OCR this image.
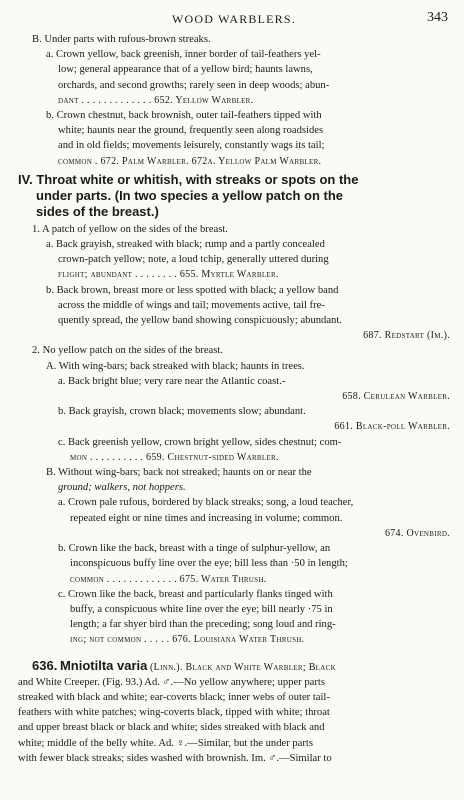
WOOD WARBLERS.	343
B. Under parts with rufous-brown streaks.
a. Crown yellow, back greenish, inner border of tail-feathers yel-
low; general appearance that of a yellow bird; haunts lawns,
orchards, and second growths; rarely seen in deep woods; abun-
dant . . . . . . . . . . . . . 652. Yellow Warbler.
b. Crown chestnut, back brownish, outer tail-feathers tipped with
white; haunts near the ground, frequently seen along roadsides
and in old fields; movements leisurely, constantly wags its tail;
common . 672. Palm Warbler. 672a. Yellow Palm Warbler.
IV. Throat white or whitish, with streaks or spots on the
under parts. (In two species a yellow patch on the
sides of the breast.)
1. A patch of yellow on the sides of the breast.
a. Back grayish, streaked with black; rump and a partly concealed
crown-patch yellow; note, a loud tchip, generally uttered during
flight; abundant . . . . . . . . 655. Myrtle Warbler.
b. Back brown, breast more or less spotted with black; a yellow band
across the middle of wings and tail; movements active, tail fre-
quently spread, the yellow band showing conspicuously; abundant.
687. Redstart (Im.).
2. No yellow patch on the sides of the breast.
A. With wing-bars; back streaked with black; haunts in trees.
a. Back bright blue; very rare near the Atlantic coast.-
658. Cerulean Warbler.
b. Back grayish, crown black; movements slow; abundant.
661. Black-poll Warbler.
c. Back greenish yellow, crown bright yellow, sides chestnut; com-
mon . . . . . . . . . . 659. Chestnut-sided Warbler.
B. Without wing-bars; back not streaked; haunts on or near the
ground; walkers, not hoppers.
a. Crown pale rufous, bordered by black streaks; song, a loud teacher,
repeated eight or nine times and increasing in volume; common.
674. Ovenbird.
b. Crown like the back, breast with a tinge of sulphur-yellow, an
inconspicuous buffy line over the eye; bill less than ·50 in length;
common . . . . . . . . . . . . . 675. Water Thrush.
c. Crown like the back, breast and particularly flanks tinged with
buffy, a conspicuous white line over the eye; bill nearly ·75 in
length; a far shyer bird than the preceding; song loud and ring-
ing; not common . . . . . 676. Louisiana Water Thrush.
636. Mniotilta varia (Linn.). Black and White Warbler; Black
and White Creeper. (Fig. 93.) Ad. ♂.—No yellow anywhere; upper parts
streaked with black and white; ear-coverts black; inner webs of outer tail-
feathers with white patches; wing-coverts black, tipped with white; throat
and upper breast black or black and white; sides streaked with black and
white; middle of the belly white. Ad. ♀.—Similar, but the under parts
with fewer black streaks; sides washed with brownish. Im. ♂.—Similar to
